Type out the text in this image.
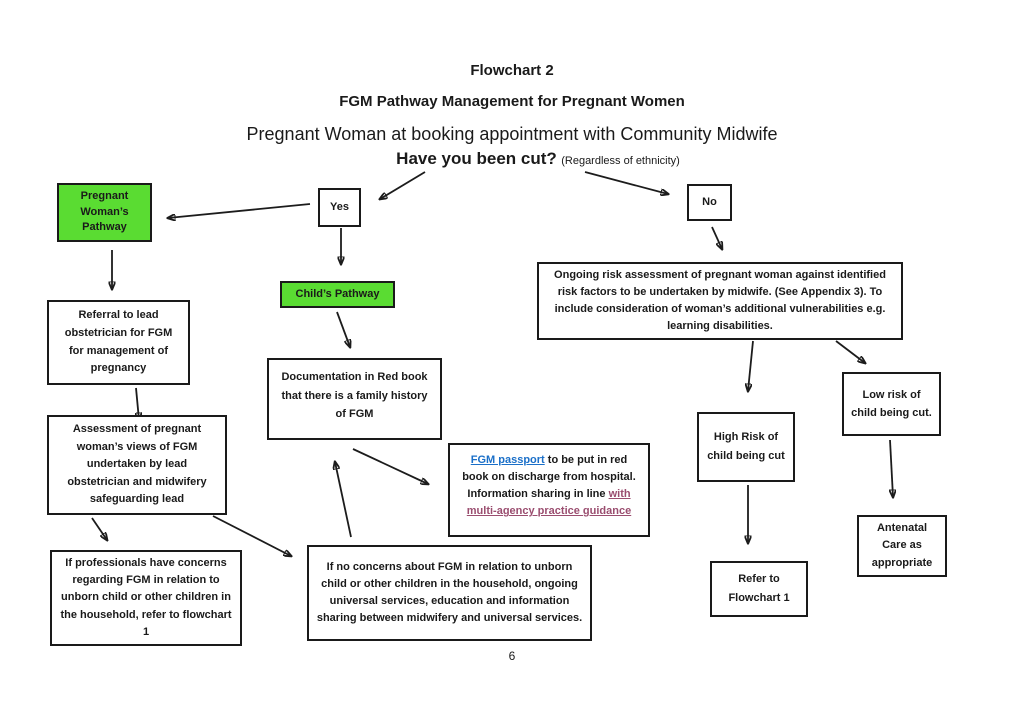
Flowchart 2
FGM Pathway Management for Pregnant Women
Pregnant Woman at booking appointment with Community Midwife
Have you been cut? (Regardless of ethnicity)
Pregnant Woman’s Pathway
Yes	No
Child’s Pathway
Ongoing risk assessment of pregnant woman against identified risk factors to be undertaken by midwife. (See Appendix 3). To include consideration of woman’s additional vulnerabilities e.g. learning disabilities.
Referral to lead obstetrician for FGM for management of pregnancy
Documentation in Red book that there is a family history of FGM
Assessment of pregnant woman’s views of FGM undertaken by lead obstetrician and midwifery safeguarding lead
FGM passport to be put in red book on discharge from hospital. Information sharing in line with multi-agency practice guidance
If professionals have concerns regarding FGM in relation to unborn child or other children in the household, refer to flowchart 1
If no concerns about FGM in relation to unborn child or other children in the household, ongoing universal services, education and information sharing between midwifery and universal services.
High Risk of child being cut
Low risk of child being cut.
Refer to Flowchart 1
Antenatal Care as appropriate
6
